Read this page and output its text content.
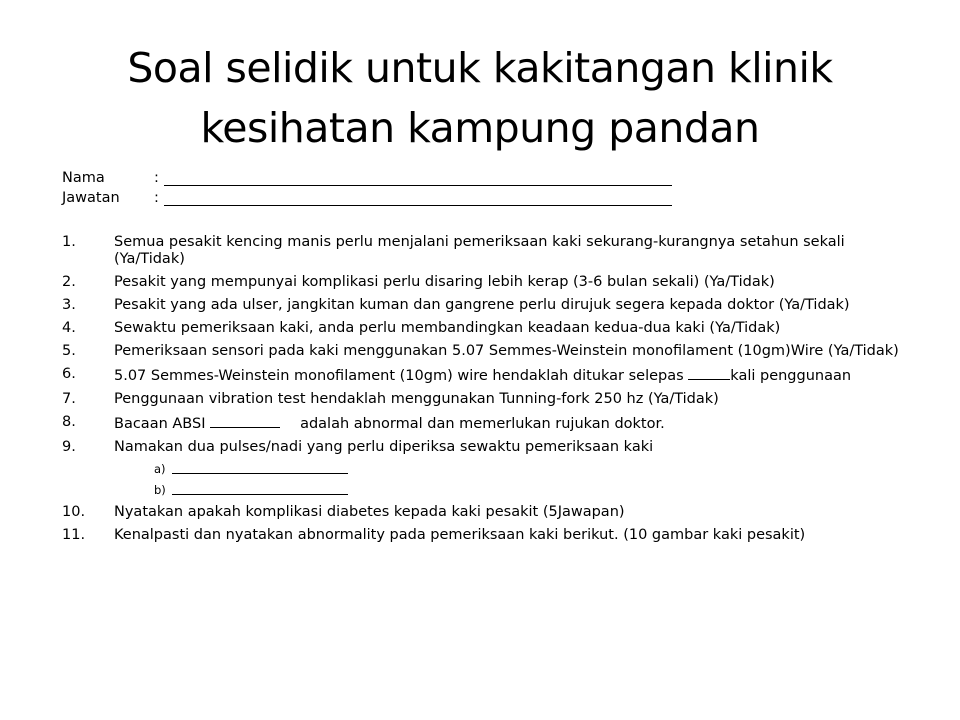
Soal selidik untuk kakitangan klinik
kesihatan kampung pandan
Nama	:
Jawatan	:
1.	Semua pesakit kencing manis perlu menjalani pemeriksaan kaki sekurang-kurangnya setahun sekali (Ya/Tidak)
2.	Pesakit yang mempunyai komplikasi perlu disaring lebih kerap (3-6 bulan sekali) (Ya/Tidak)
3.	Pesakit yang ada ulser, jangkitan kuman dan gangrene perlu dirujuk segera kepada doktor (Ya/Tidak)
4.	Sewaktu pemeriksaan kaki, anda perlu membandingkan keadaan kedua-dua kaki (Ya/Tidak)
5.	Pemeriksaan sensori pada kaki menggunakan 5.07 Semmes-Weinstein monofilament (10gm)Wire (Ya/Tidak)
6.	5.07 Semmes-Weinstein monofilament (10gm) wire hendaklah ditukar selepas	kali penggunaan
7.	Penggunaan vibration test hendaklah menggunakan Tunning-fork 250 hz (Ya/Tidak)
8.	Bacaan ABSI	adalah abnormal dan memerlukan rujukan doktor.
9.	Namakan dua pulses/nadi yang perlu diperiksa sewaktu pemeriksaan kaki
a)
b)
10.	Nyatakan apakah komplikasi diabetes kepada kaki pesakit (5Jawapan)
11.	Kenalpasti dan nyatakan abnormality pada pemeriksaan kaki berikut. (10 gambar kaki pesakit)
